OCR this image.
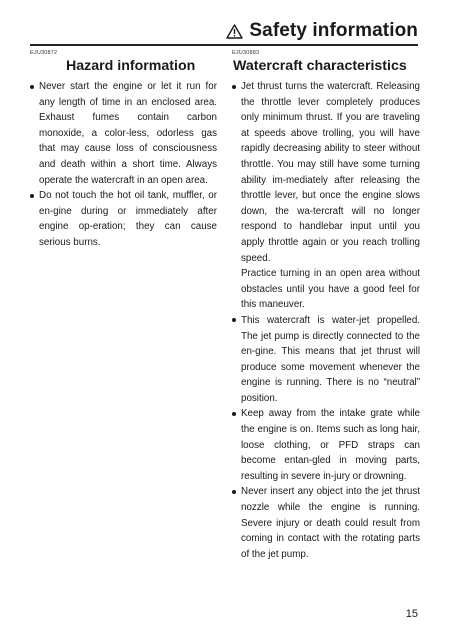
Safety information
EJU30872
Hazard information
Never start the engine or let it run for any length of time in an enclosed area. Exhaust fumes contain carbon monoxide, a color-less, odorless gas that may cause loss of consciousness and death within a short time. Always operate the watercraft in an open area.
Do not touch the hot oil tank, muffler, or en-gine during or immediately after engine op-eration; they can cause serious burns.
EJU30883
Watercraft characteristics
Jet thrust turns the watercraft. Releasing the throttle lever completely produces only minimum thrust. If you are traveling at speeds above trolling, you will have rapidly decreasing ability to steer without throttle. You may still have some turning ability im-mediately after releasing the throttle lever, but once the engine slows down, the wa-tercraft will no longer respond to handlebar input until you apply throttle again or you reach trolling speed.
Practice turning in an open area without obstacles until you have a good feel for this maneuver.
This watercraft is water-jet propelled. The jet pump is directly connected to the en-gine. This means that jet thrust will produce some movement whenever the engine is running. There is no “neutral” position.
Keep away from the intake grate while the engine is on. Items such as long hair, loose clothing, or PFD straps can become entan-gled in moving parts, resulting in severe in-jury or drowning.
Never insert any object into the jet thrust nozzle while the engine is running. Severe injury or death could result from coming in contact with the rotating parts of the jet pump.
15
